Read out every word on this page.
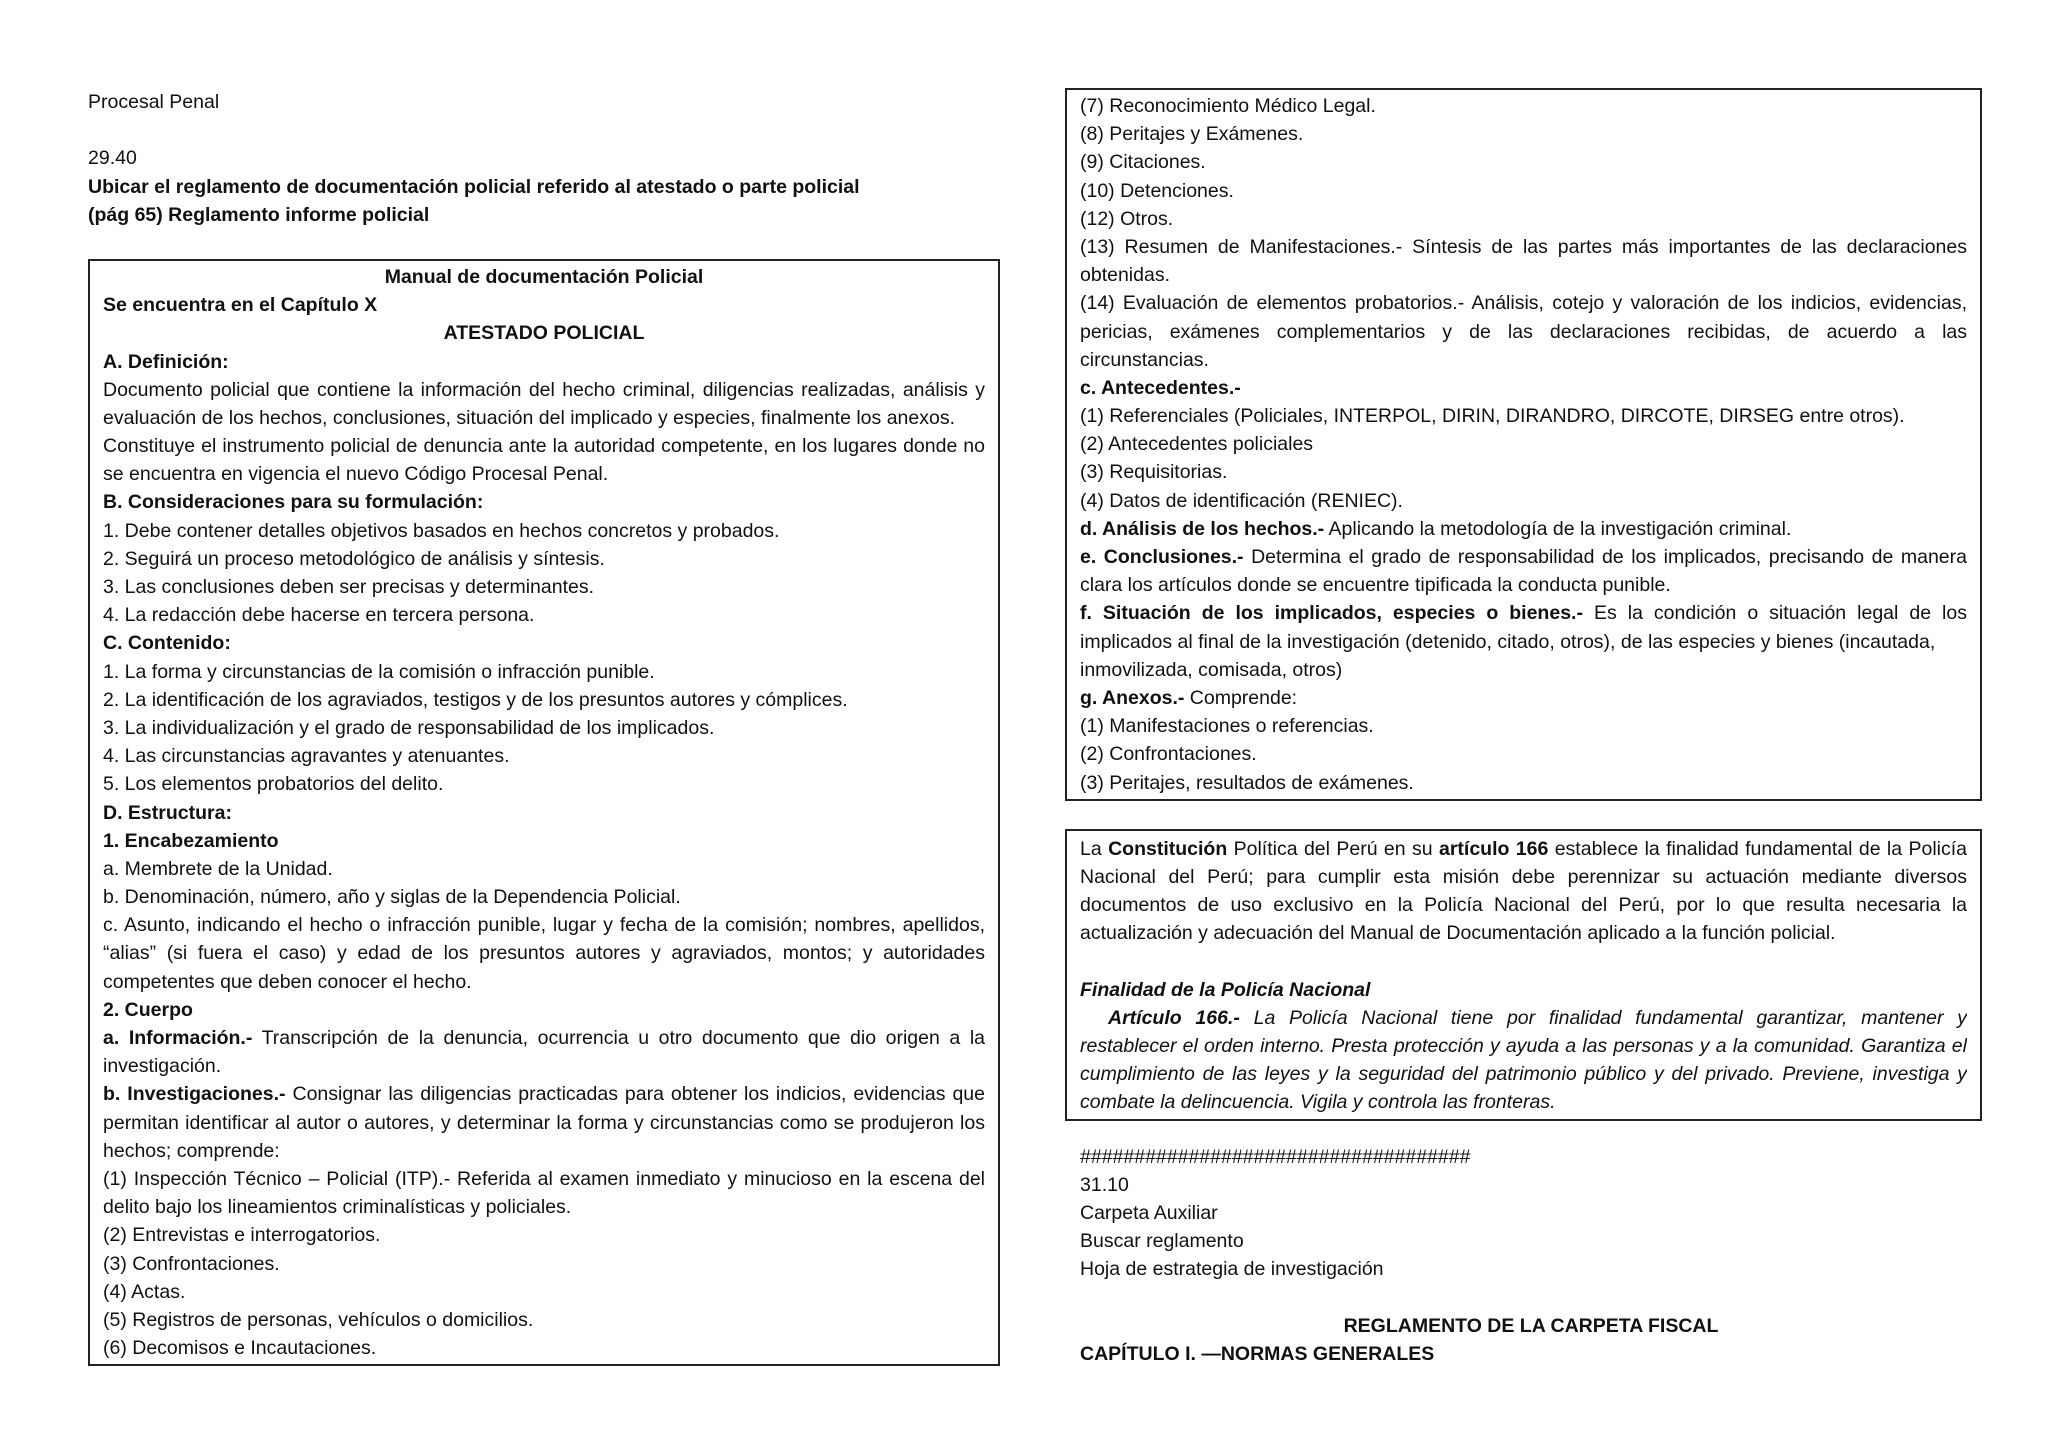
Procesal Penal
29.40
Ubicar el reglamento de documentación policial referido al atestado o parte policial
(pág 65) Reglamento informe policial
Manual de documentación Policial
Se encuentra en el Capítulo X
ATESTADO POLICIAL
A. Definición:
Documento policial que contiene la información del hecho criminal, diligencias realizadas, análisis y
evaluación de los hechos, conclusiones, situación del implicado y especies, finalmente los anexos.
Constituye el instrumento policial de denuncia ante la autoridad competente, en los lugares donde no
se encuentra en vigencia el nuevo Código Procesal Penal.
B. Consideraciones para su formulación:
1. Debe contener detalles objetivos basados en hechos concretos y probados.
2. Seguirá un proceso metodológico de análisis y síntesis.
3. Las conclusiones deben ser precisas y determinantes.
4. La redacción debe hacerse en tercera persona.
C. Contenido:
1. La forma y circunstancias de la comisión o infracción punible.
2. La identificación de los agraviados, testigos y de los presuntos autores y cómplices.
3. La individualización y el grado de responsabilidad de los implicados.
4. Las circunstancias agravantes y atenuantes.
5. Los elementos probatorios del delito.
D. Estructura:
1. Encabezamiento
a. Membrete de la Unidad.
b. Denominación, número, año y siglas de la Dependencia Policial.
c. Asunto, indicando el hecho o infracción punible, lugar y fecha de la comisión; nombres, apellidos,
“alias” (si fuera el caso) y edad de los presuntos autores y agraviados, montos; y autoridades
competentes que deben conocer el hecho.
2. Cuerpo
a. Información.- Transcripción de la denuncia, ocurrencia u otro documento que dio origen a la
investigación.
b. Investigaciones.- Consignar las diligencias practicadas para obtener los indicios, evidencias que
permitan identificar al autor o autores, y determinar la forma y circunstancias como se produjeron los
hechos; comprende:
(1) Inspección Técnico – Policial (ITP).- Referida al examen inmediato y minucioso en la escena del
delito bajo los lineamientos criminalísticas y policiales.
(2) Entrevistas e interrogatorios.
(3) Confrontaciones.
(4) Actas.
(5) Registros de personas, vehículos o domicilios.
(6) Decomisos e Incautaciones.
(7) Reconocimiento Médico Legal.
(8) Peritajes y Exámenes.
(9) Citaciones.
(10) Detenciones.
(12) Otros.
(13) Resumen de Manifestaciones.- Síntesis de las partes más importantes de las declaraciones
obtenidas.
(14) Evaluación de elementos probatorios.- Análisis, cotejo y valoración de los indicios, evidencias,
pericias, exámenes complementarios y de las declaraciones recibidas, de acuerdo a las
circunstancias.
c. Antecedentes.-
(1) Referenciales (Policiales, INTERPOL, DIRIN, DIRANDRO, DIRCOTE, DIRSEG entre otros).
(2) Antecedentes policiales
(3) Requisitorias.
(4) Datos de identificación (RENIEC).
d. Análisis de los hechos.- Aplicando la metodología de la investigación criminal.
e. Conclusiones.- Determina el grado de responsabilidad de los implicados, precisando de manera
clara los artículos donde se encuentre tipificada la conducta punible.
f. Situación de los implicados, especies o bienes.- Es la condición o situación legal de los
implicados al final de la investigación (detenido, citado, otros), de las especies y bienes (incautada,
inmovilizada, comisada, otros)
g. Anexos.- Comprende:
(1) Manifestaciones o referencias.
(2) Confrontaciones.
(3) Peritajes, resultados de exámenes.
La Constitución Política del Perú en su artículo 166 establece la finalidad fundamental de la Policía
Nacional del Perú; para cumplir esta misión debe perennizar su actuación mediante diversos
documentos de uso exclusivo en la Policía Nacional del Perú, por lo que resulta necesaria la
actualización y adecuación del Manual de Documentación aplicado a la función policial.
Finalidad de la Policía Nacional
Artículo 166.- La Policía Nacional tiene por finalidad fundamental garantizar, mantener y
restablecer el orden interno. Presta protección y ayuda a las personas y a la comunidad. Garantiza el
cumplimiento de las leyes y la seguridad del patrimonio público y del privado. Previene, investiga y
combate la delincuencia. Vigila y controla las fronteras.
####################################
31.10
Carpeta Auxiliar
Buscar reglamento
Hoja de estrategia de investigación
REGLAMENTO DE LA CARPETA FISCAL
CAPÍTULO I. —NORMAS GENERALES
